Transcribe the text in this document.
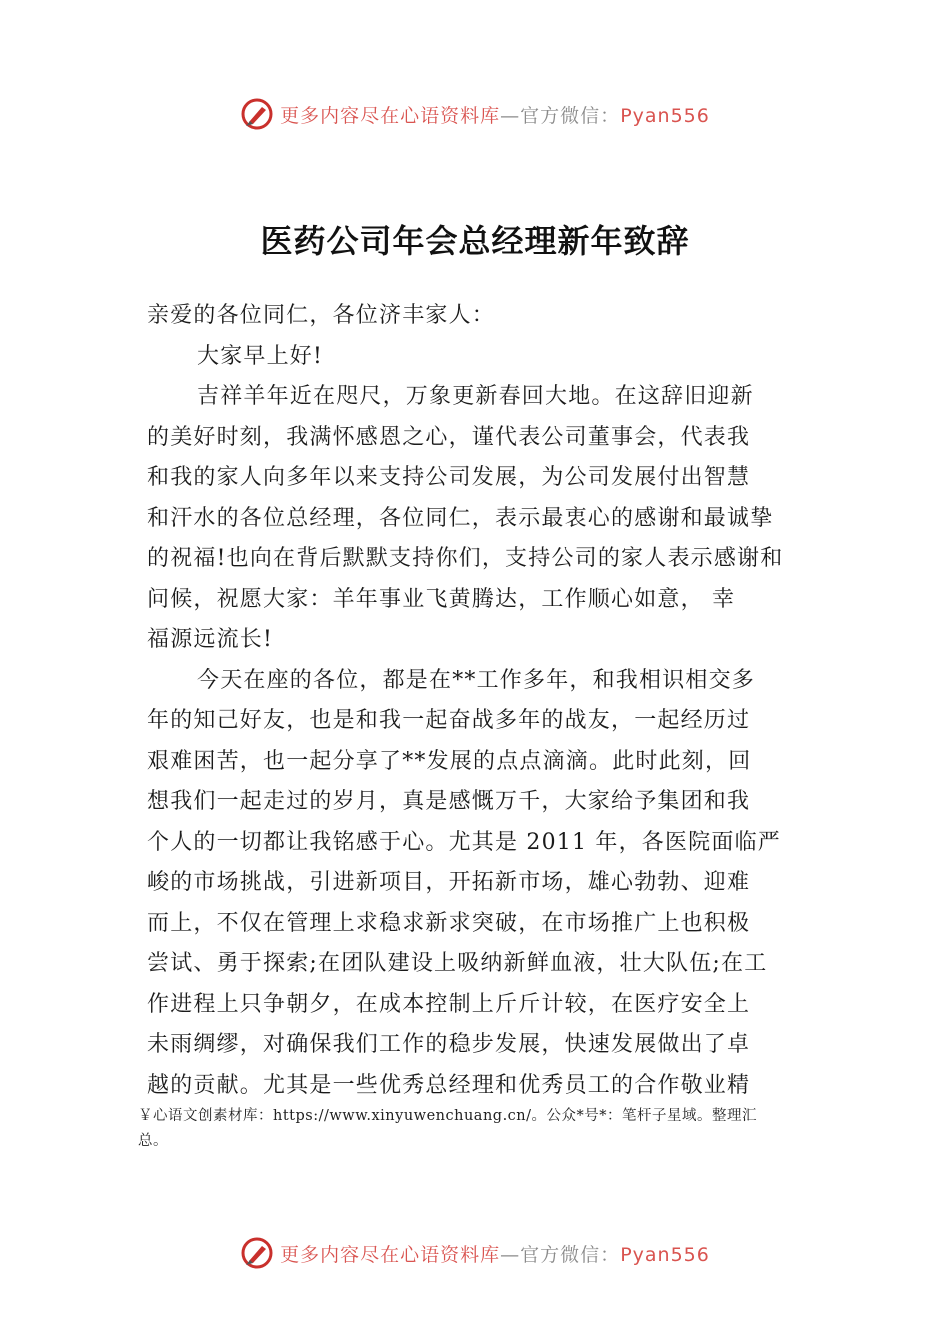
更多内容尽在心语资料库—官方微信：Pyan556
医药公司年会总经理新年致辞
亲爱的各位同仁，各位济丰家人：
大家早上好!
吉祥羊年近在咫尺，万象更新春回大地。在这辞旧迎新
的美好时刻，我满怀感恩之心，谨代表公司董事会，代表我
和我的家人向多年以来支持公司发展，为公司发展付出智慧
和汗水的各位总经理，各位同仁，表示最衷心的感谢和最诚挚
的祝福!也向在背后默默支持你们，支持公司的家人表示感谢和
问候，祝愿大家：羊年事业飞黄腾达，工作顺心如意， 幸
福源远流长!
今天在座的各位，都是在**工作多年，和我相识相交多
年的知己好友，也是和我一起奋战多年的战友，一起经历过
艰难困苦，也一起分享了**发展的点点滴滴。此时此刻，回
想我们一起走过的岁月，真是感慨万千，大家给予集团和我
个人的一切都让我铭感于心。尤其是 2011 年，各医院面临严
峻的市场挑战，引进新项目，开拓新市场，雄心勃勃、迎难
而上，不仅在管理上求稳求新求突破，在市场推广上也积极
尝试、勇于探索;在团队建设上吸纳新鲜血液，壮大队伍;在工
作进程上只争朝夕，在成本控制上斤斤计较，在医疗安全上
未雨绸缪，对确保我们工作的稳步发展，快速发展做出了卓
越的贡献。尤其是一些优秀总经理和优秀员工的合作敬业精
￥心语文创素材库：https://www.xinyuwenchuang.cn/。公众*号*：笔杆子星域。整理汇
总。
更多内容尽在心语资料库—官方微信：Pyan556
